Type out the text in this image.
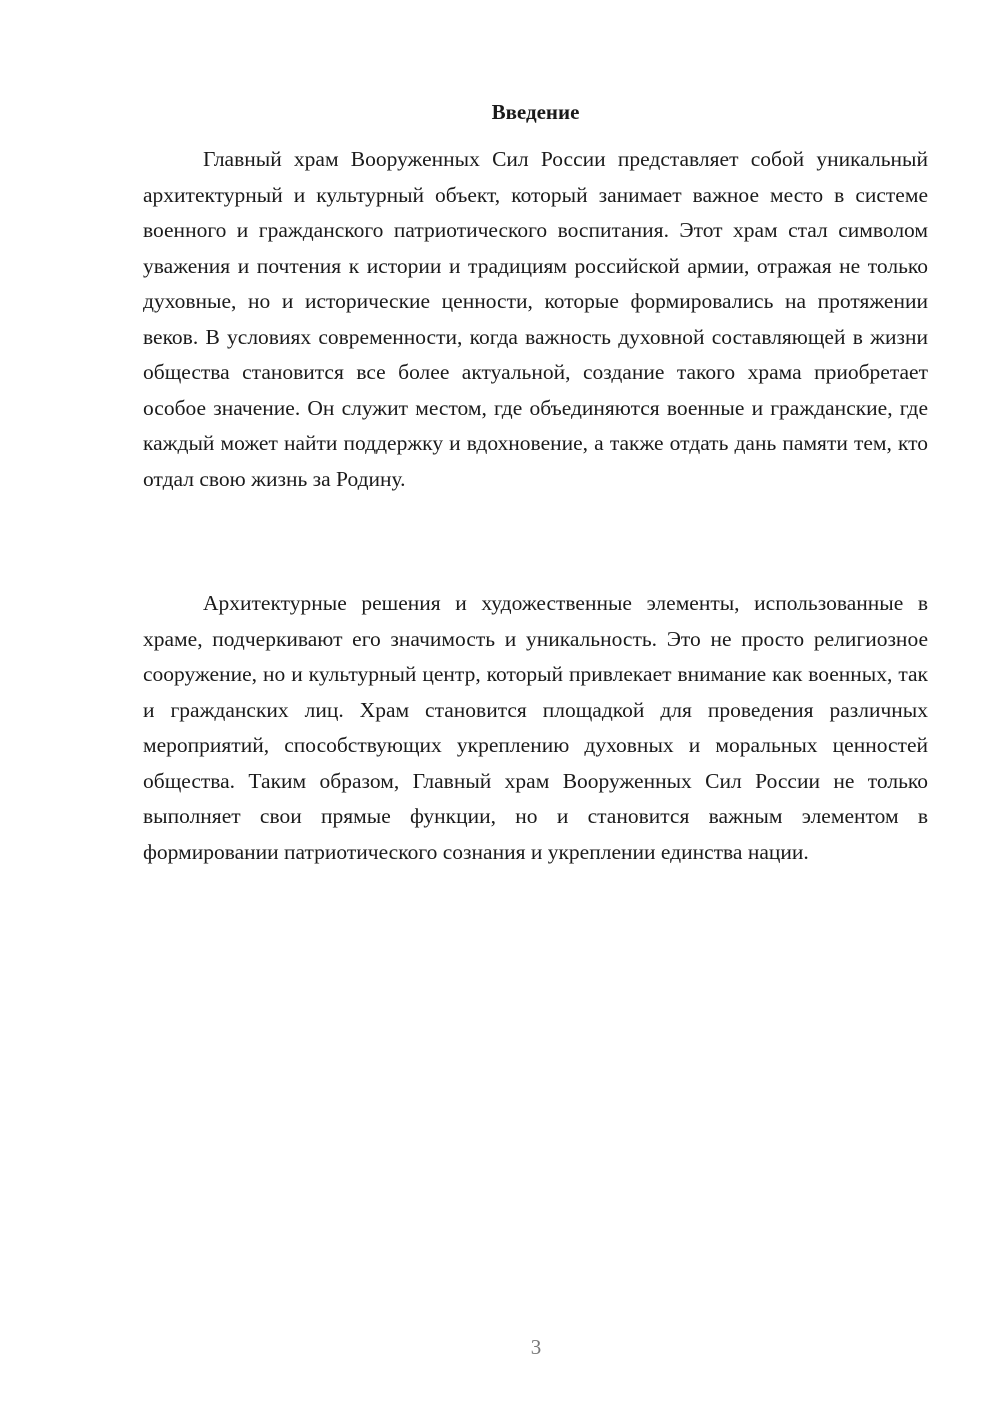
Введение

Главный храм Вооруженных Сил России представляет собой уникальный архитектурный и культурный объект, который занимает важное место в системе военного и гражданского патриотического воспитания. Этот храм стал символом уважения и почтения к истории и традициям российской армии, отражая не только духовные, но и исторические ценности, которые формировались на протяжении веков. В условиях современности, когда важность духовной составляющей в жизни общества становится все более актуальной, создание такого храма приобретает особое значение. Он служит местом, где объединяются военные и гражданские, где каждый может найти поддержку и вдохновение, а также отдать дань памяти тем, кто отдал свою жизнь за Родину.

Архитектурные решения и художественные элементы, использованные в храме, подчеркивают его значимость и уникальность. Это не просто религиозное сооружение, но и культурный центр, который привлекает внимание как военных, так и гражданских лиц. Храм становится площадкой для проведения различных мероприятий, способствующих укреплению духовных и моральных ценностей общества. Таким образом, Главный храм Вооруженных Сил России не только выполняет свои прямые функции, но и становится важным элементом в формировании патриотического сознания и укреплении единства нации.

3
